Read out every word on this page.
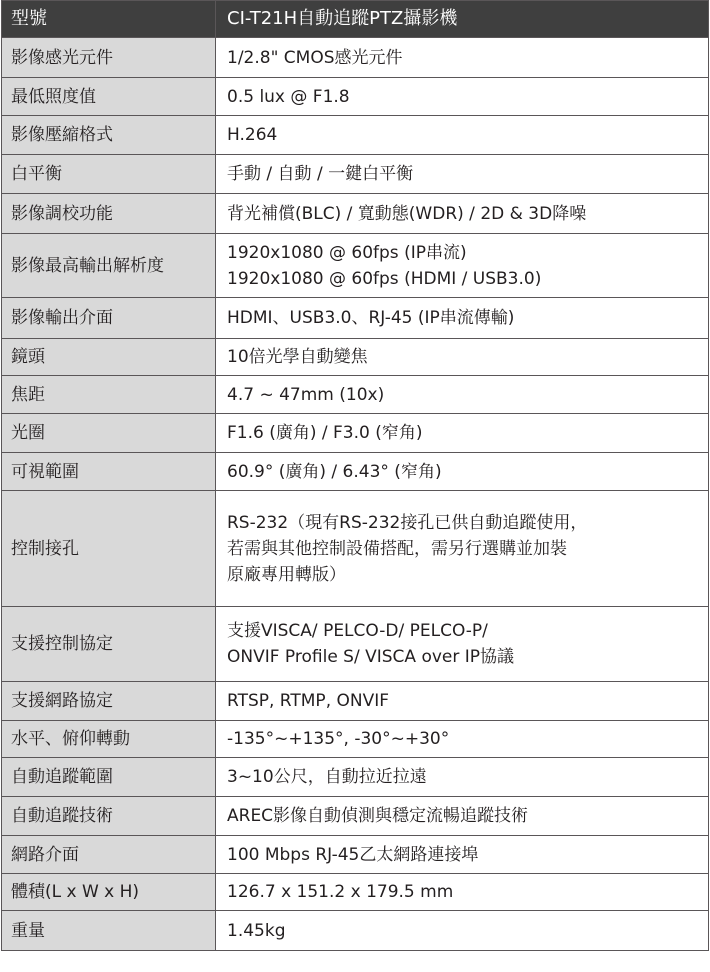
型號	CI-T21H自動追蹤PTZ攝影機
影像感光元件	1/2.8" CMOS感光元件

最低照度值	0.5 lux @ F1.8

影像壓縮格式	H.264

白平衡	手動 / 自動 / 一鍵白平衡

影像調校功能	背光補償(BLC) / 寬動態(WDR) / 2D & 3D降噪

影像最高輸出解析度	1920x1080 @ 60fps (IP串流)
1920x1080 @ 60fps (HDMI / USB3.0)

影像輸出介面	HDMI、USB3.0、RJ-45 (IP串流傳輸)

鏡頭	10倍光學自動變焦

焦距	4.7 ~ 47mm (10x)

光圈	F1.6 (廣角) / F3.0 (窄角)

可視範圍	60.9° (廣角) / 6.43° (窄角)

控制接孔	RS-232（現有RS-232接孔已供自動追蹤使用，
若需與其他控制設備搭配，需另行選購並加裝
原廠專用轉版）

支援控制協定	支援VISCA/ PELCO-D/ PELCO-P/
ONVIF Profile S/ VISCA over IP協議

支援網路協定	RTSP, RTMP, ONVIF

水平、俯仰轉動	-135°~+135°, -30°~+30°

自動追蹤範圍	3~10公尺，自動拉近拉遠

自動追蹤技術	AREC影像自動偵測與穩定流暢追蹤技術

網路介面	100 Mbps RJ-45乙太網路連接埠

體積(L x W x H)	126.7 x 151.2 x 179.5 mm

重量	1.45kg
